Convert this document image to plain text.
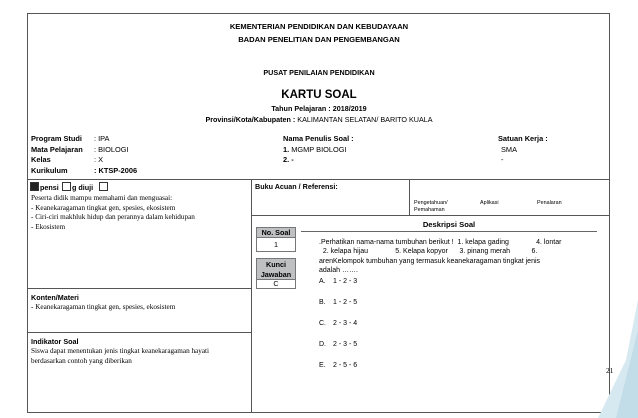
KEMENTERIAN PENDIDIKAN DAN KEBUDAYAAN
BADAN PENELITIAN DAN PENGEMBANGAN
PUSAT PENILAIAN PENDIDIKAN
KARTU SOAL
Tahun Pelajaran : 2018/2019
Provinsi/Kota/Kabupaten : KALIMANTAN SELATAN/ BARITO KUALA
Program Studi : IPA
Mata Pelajaran : BIOLOGI
Kelas	: X
Kurikulum	: KTSP-2006
Nama Penulis Soal :
1. MGMP BIOLOGI
2. -
Satuan Kerja :
SMA
-
pensi g diuji
Peserta didik mampu memahami dan menguasai:
- Keanekaragaman tingkat gen, spesies, ekosistem
- Ciri-ciri makhluk hidup dan perannya dalam kehidupan
- Ekosistem
Buku Acuan / Referensi:
Pengetahuan/
Pemahaman
Aplikasi	Penalaran
No. Soal
1
Kunci
Jawaban
C
Konten/Materi
- Keanekaragaman tingkat gen, spesies, ekosistem
Indikator Soal
Siswa dapat menentukan jenis tingkat keanekaragaman hayati
berdasarkan contoh yang diberikan
Deskripsi Soal
.Perhatikan nama-nama tumbuhan berikut !  1. kelapa gading              4. lontar
2. kelapa hijau              5. Kelapa kopyor      3. pinang merah           6.
arenKelompok tumbuhan yang termasuk keanekaragaman tingkat jenis
adalah …….
A. 1 - 2 - 3
B. 1 - 2 - 5
C. 2 - 3 - 4
D. 2 - 3 - 5
E. 2 - 5 - 6
21
